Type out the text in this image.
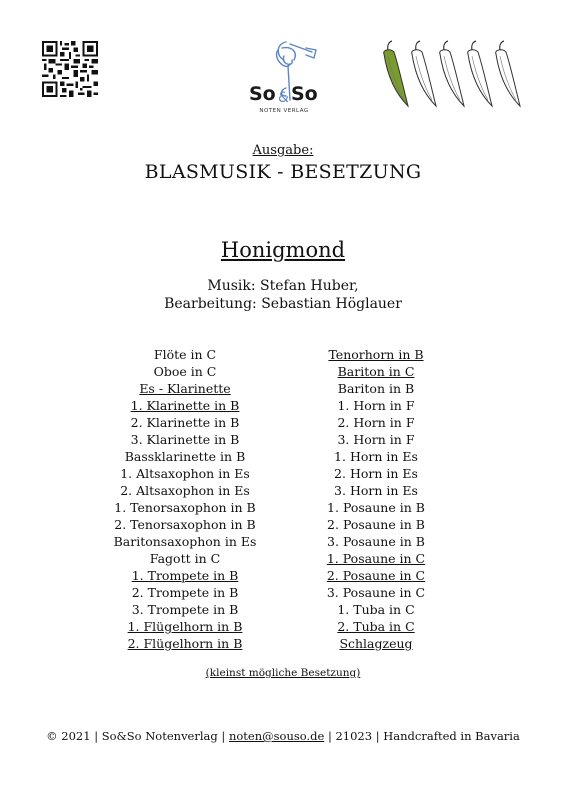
So & So
NOTEN VERLAG
Ausgabe:
BLASMUSIK - BESETZUNG
Honigmond
Musik: Stefan Huber,
Bearbeitung: Sebastian Höglauer
Flöte in C
Oboe in C
Es - Klarinette
1. Klarinette in B
2. Klarinette in B
3. Klarinette in B
Bassklarinette in B
1. Altsaxophon in Es
2. Altsaxophon in Es
1. Tenorsaxophon in B
2. Tenorsaxophon in B
Baritonsaxophon in Es
Fagott in C
1. Trompete in B
2. Trompete in B
3. Trompete in B
1. Flügelhorn in B
2. Flügelhorn in B
Tenorhorn in B
Bariton in C
Bariton in B
1. Horn in F
2. Horn in F
3. Horn in F
1. Horn in Es
2. Horn in Es
3. Horn in Es
1. Posaune in B
2. Posaune in B
3. Posaune in B
1. Posaune in C
2. Posaune in C
3. Posaune in C
1. Tuba in C
2. Tuba in C
Schlagzeug
(kleinst mögliche Besetzung)
© 2021 | So&So Notenverlag | noten@souso.de | 21023 | Handcrafted in Bavaria
